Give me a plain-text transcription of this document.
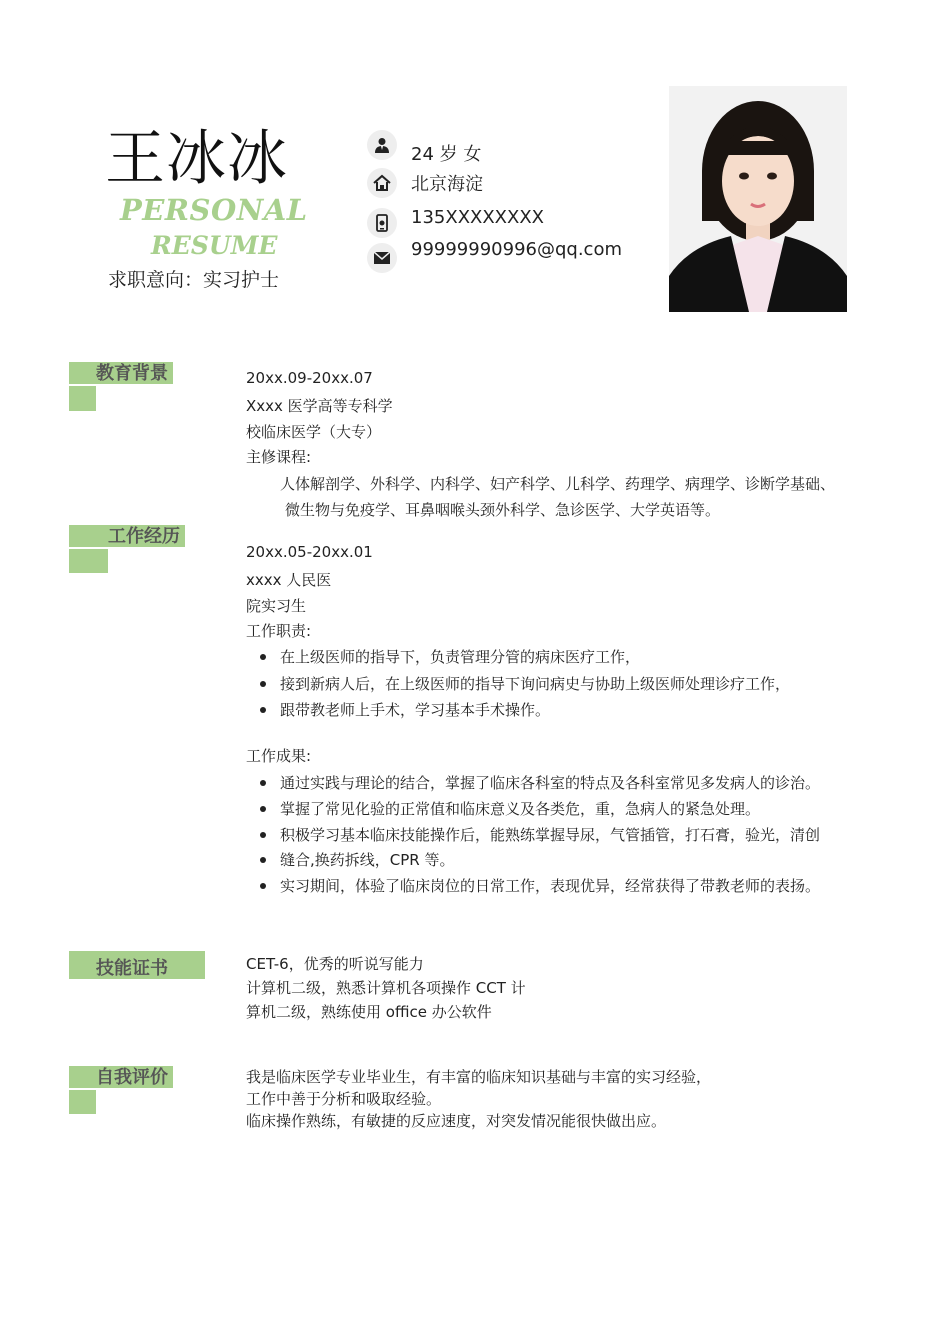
王冰冰
PERSONAL
RESUME
求职意向：实习护士
24 岁 女
北京海淀
135XXXXXXXX
99999990996@qq.com
教育背景	20xx.09-20xx.07
Xxxx 医学高等专科学
校临床医学（大专）
主修课程:
人体解剖学、外科学、内科学、妇产科学、儿科学、药理学、病理学、诊断学基础、
微生物与免疫学、耳鼻咽喉头颈外科学、急诊医学、大学英语等。
工作经历
20xx.05-20xx.01
xxxx 人民医
院实习生
工作职责:
在上级医师的指导下，负责管理分管的病床医疗工作，
接到新病人后，在上级医师的指导下询问病史与协助上级医师处理诊疗工作，
跟带教老师上手术，学习基本手术操作。
工作成果:
通过实践与理论的结合，掌握了临床各科室的特点及各科室常见多发病人的诊治。
掌握了常见化验的正常值和临床意义及各类危，重，急病人的紧急处理。
积极学习基本临床技能操作后，能熟练掌握导尿，气管插管，打石膏，验光，清创
缝合,换药拆线，CPR 等。
实习期间，体验了临床岗位的日常工作，表现优异，经常获得了带教老师的表扬。
技能证书	CET-6，优秀的听说写能力
计算机二级，熟悉计算机各项操作 CCT 计
算机二级，熟练使用 office 办公软件
自我评价	我是临床医学专业毕业生，有丰富的临床知识基础与丰富的实习经验，
工作中善于分析和吸取经验。
临床操作熟练，有敏捷的反应速度，对突发情况能很快做出应。
